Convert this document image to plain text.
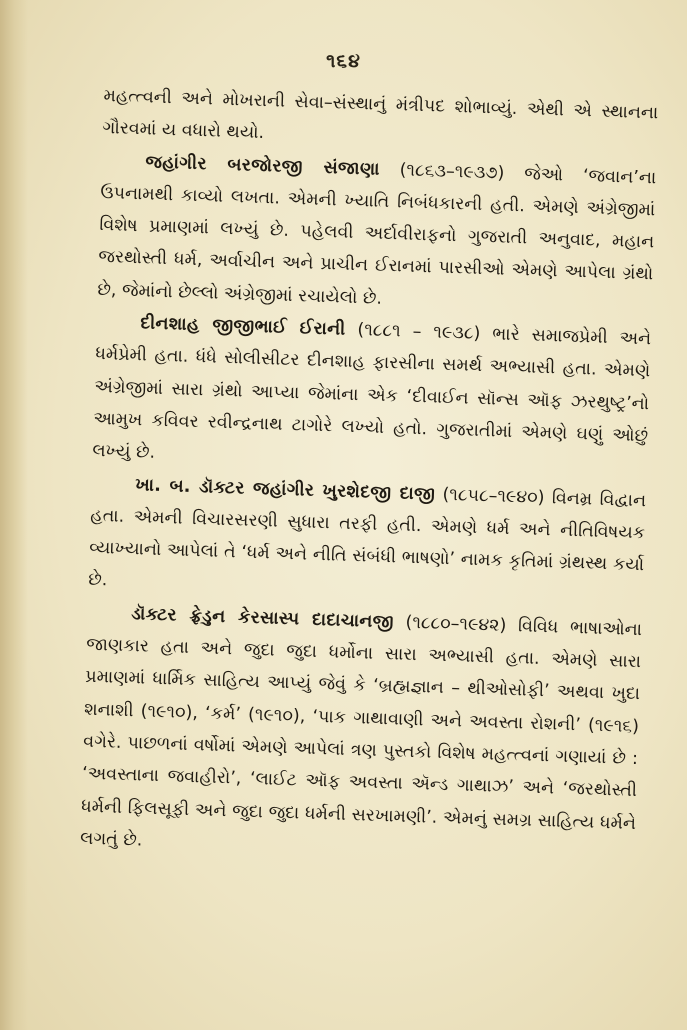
૧૬૪

મહત્ત્વની અને મોખરાની સેવા–સંસ્થાનું મંત્રીપદ શોભાવ્યું. એથી એ સ્થાનના ગૌરવમાં ય વધારો થયો.

જહાંગીર બરજોરજી સંજાણા (૧૮૬૩–૧૯૩૭) જેઓ ‘જવાન’ના ઉપનામથી કાવ્યો લખતા. એમની ખ્યાતિ નિબંધકારની હતી. એમણે અંગ્રેજીમાં વિશેષ પ્રમાણમાં લખ્યું છે. પહેલવી અર્દાવીરાફનો ગુજરાતી અનુવાદ, મહાન જરથોસ્તી ધર્મ, અર્વાચીન અને પ્રાચીન ઈરાનમાં પારસીઓ એમણે આપેલા ગ્રંથો છે, જેમાંનો છેલ્લો અંગ્રેજીમાં રચાયેલો છે.

દીનશાહ જીજીભાઈ ઈરાની (૧૮૮૧ – ૧૯૩૮) ભારે સમાજપ્રેમી અને ધર્મપ્રેમી હતા. ધંધે સોલીસીટર દીનશાહ ફારસીના સમર્થ અભ્યાસી હતા. એમણે અંગ્રેજીમાં સારા ગ્રંથો આપ્યા જેમાંના એક ‘દીવાઈન સૉન્સ ઑફ ઝરથુષ્ટ્ર’નો આમુખ કવિવર રવીન્દ્રનાથ ટાગોરે લખ્યો હતો. ગુજરાતીમાં એમણે ઘણું ઓછું લખ્યું છે.

ખા. બ. ડૉક્ટર જહાંગીર ખુરશેદજી દાજી (૧૮૫૮–૧૯૪૦) વિનમ્ર વિદ્વાન હતા. એમની વિચારસરણી સુધારા તરફી હતી. એમણે ધર્મ અને નીતિવિષયક વ્યાખ્યાનો આપેલાં તે ‘ધર્મ અને નીતિ સંબંધી ભાષણો’ નામક કૃતિમાં ગ્રંથસ્થ કર્યા છે.

ડૉક્ટર ફ્રેડુન કેરસાસ્પ દાદાચાનજી (૧૮૮૦–૧૯૪૨) વિવિધ ભાષાઓના જાણકાર હતા અને જુદા જુદા ધર્મોના સારા અભ્યાસી હતા. એમણે સારા પ્રમાણમાં ધાર્મિક સાહિત્ય આપ્યું જેવું કે ‘બ્રહ્મજ્ઞાન – થીઓસોફી’ અથવા ખુદા શનાશી (૧૯૧૦), ‘કર્મ’ (૧૯૧૦), ‘પાક ગાથાવાણી અને અવસ્તા રોશની’ (૧૯૧૬) વગેરે. પાછળનાં વર્ષોમાં એમણે આપેલાં ત્રણ પુસ્તકો વિશેષ મહત્ત્વનાં ગણાયાં છે : ‘અવસ્તાના જવાહીરો’, ‘લાઈટ ઑફ અવસ્તા ઍન્ડ ગાથાઝ’ અને ‘જરથોસ્તી ધર્મની ફિલસૂફી અને જુદા જુદા ધર્મની સરખામણી’. એમનું સમગ્ર સાહિત્ય ધર્મને લગતું છે.
